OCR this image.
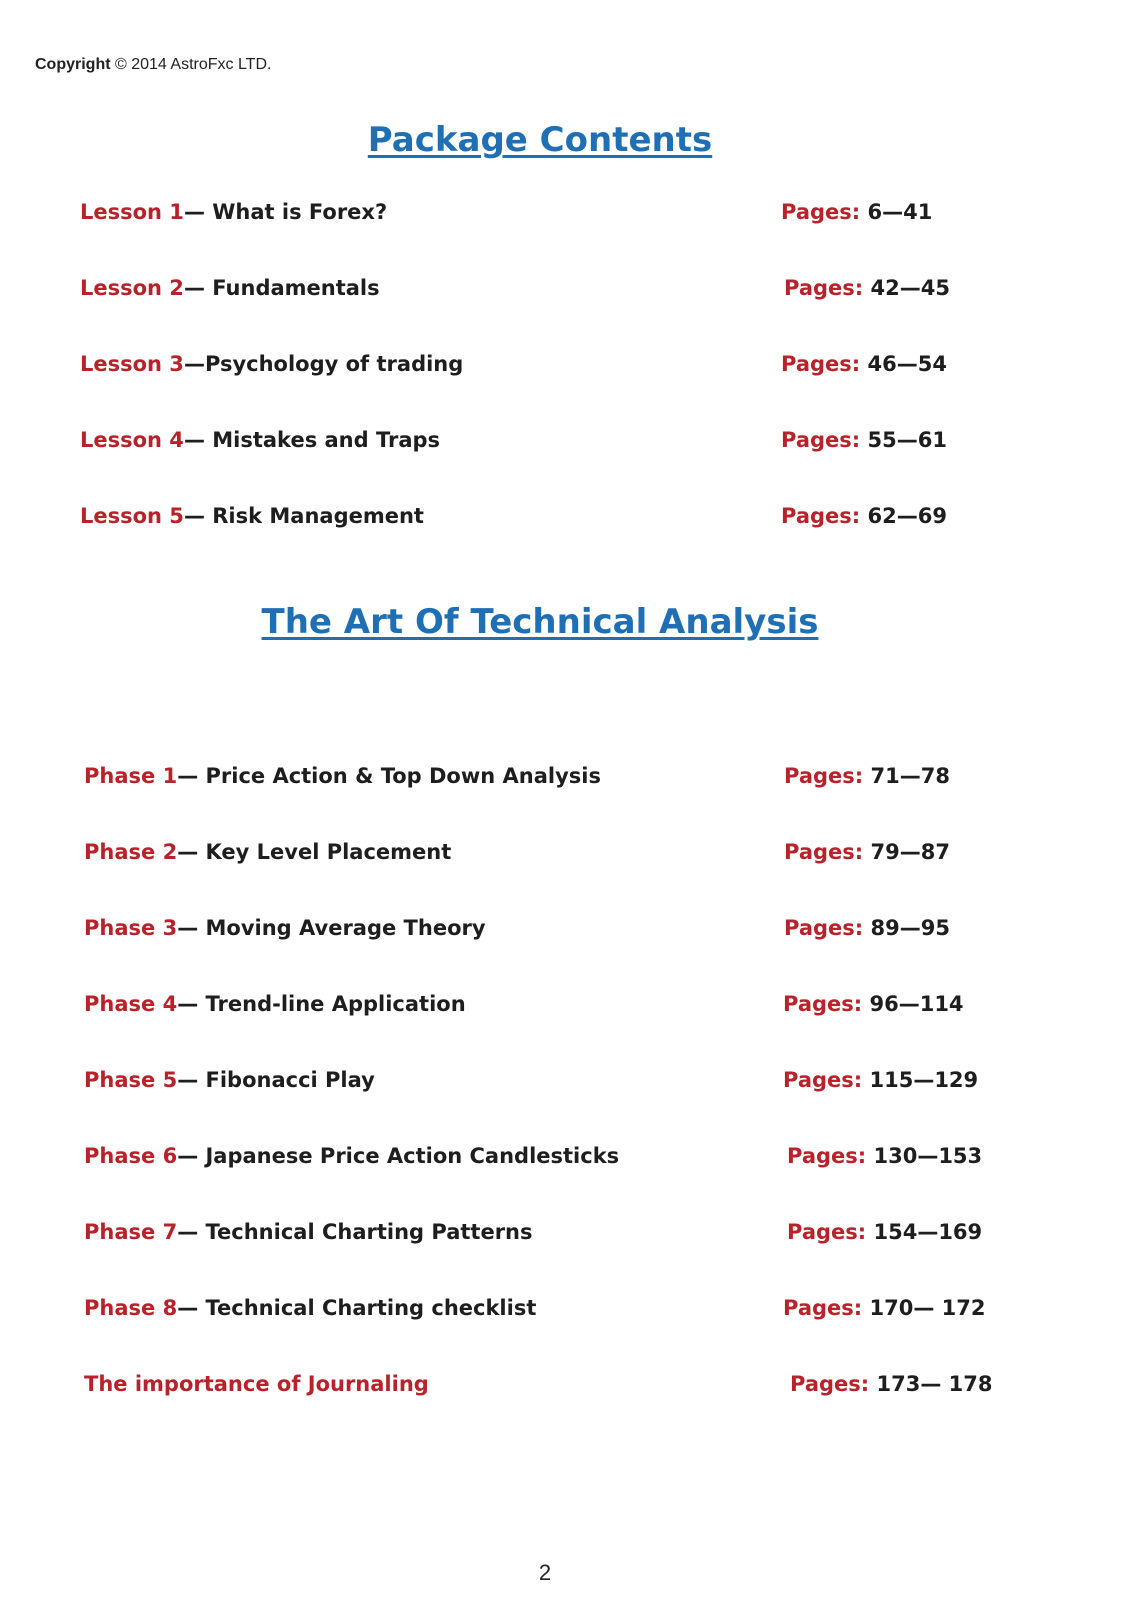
Copyright © 2014 AstroFxc LTD.
Package Contents
Lesson 1— What is Forex?	Pages: 6—41
Lesson 2— Fundamentals	Pages: 42—45
Lesson 3—Psychology of trading	Pages: 46—54
Lesson 4— Mistakes and Traps	Pages: 55—61
Lesson 5— Risk Management	Pages: 62—69
The Art Of Technical Analysis
Phase 1— Price Action & Top Down Analysis	Pages: 71—78
Phase 2— Key Level Placement	Pages: 79—87
Phase 3— Moving Average Theory	Pages: 89—95
Phase 4— Trend-line Application	Pages: 96—114
Phase 5— Fibonacci Play	Pages: 115—129
Phase 6— Japanese Price Action Candlesticks	Pages: 130—153
Phase 7— Technical Charting Patterns	Pages: 154—169
Phase 8— Technical Charting checklist	Pages: 170— 172
The importance of Journaling	Pages: 173— 178
2
